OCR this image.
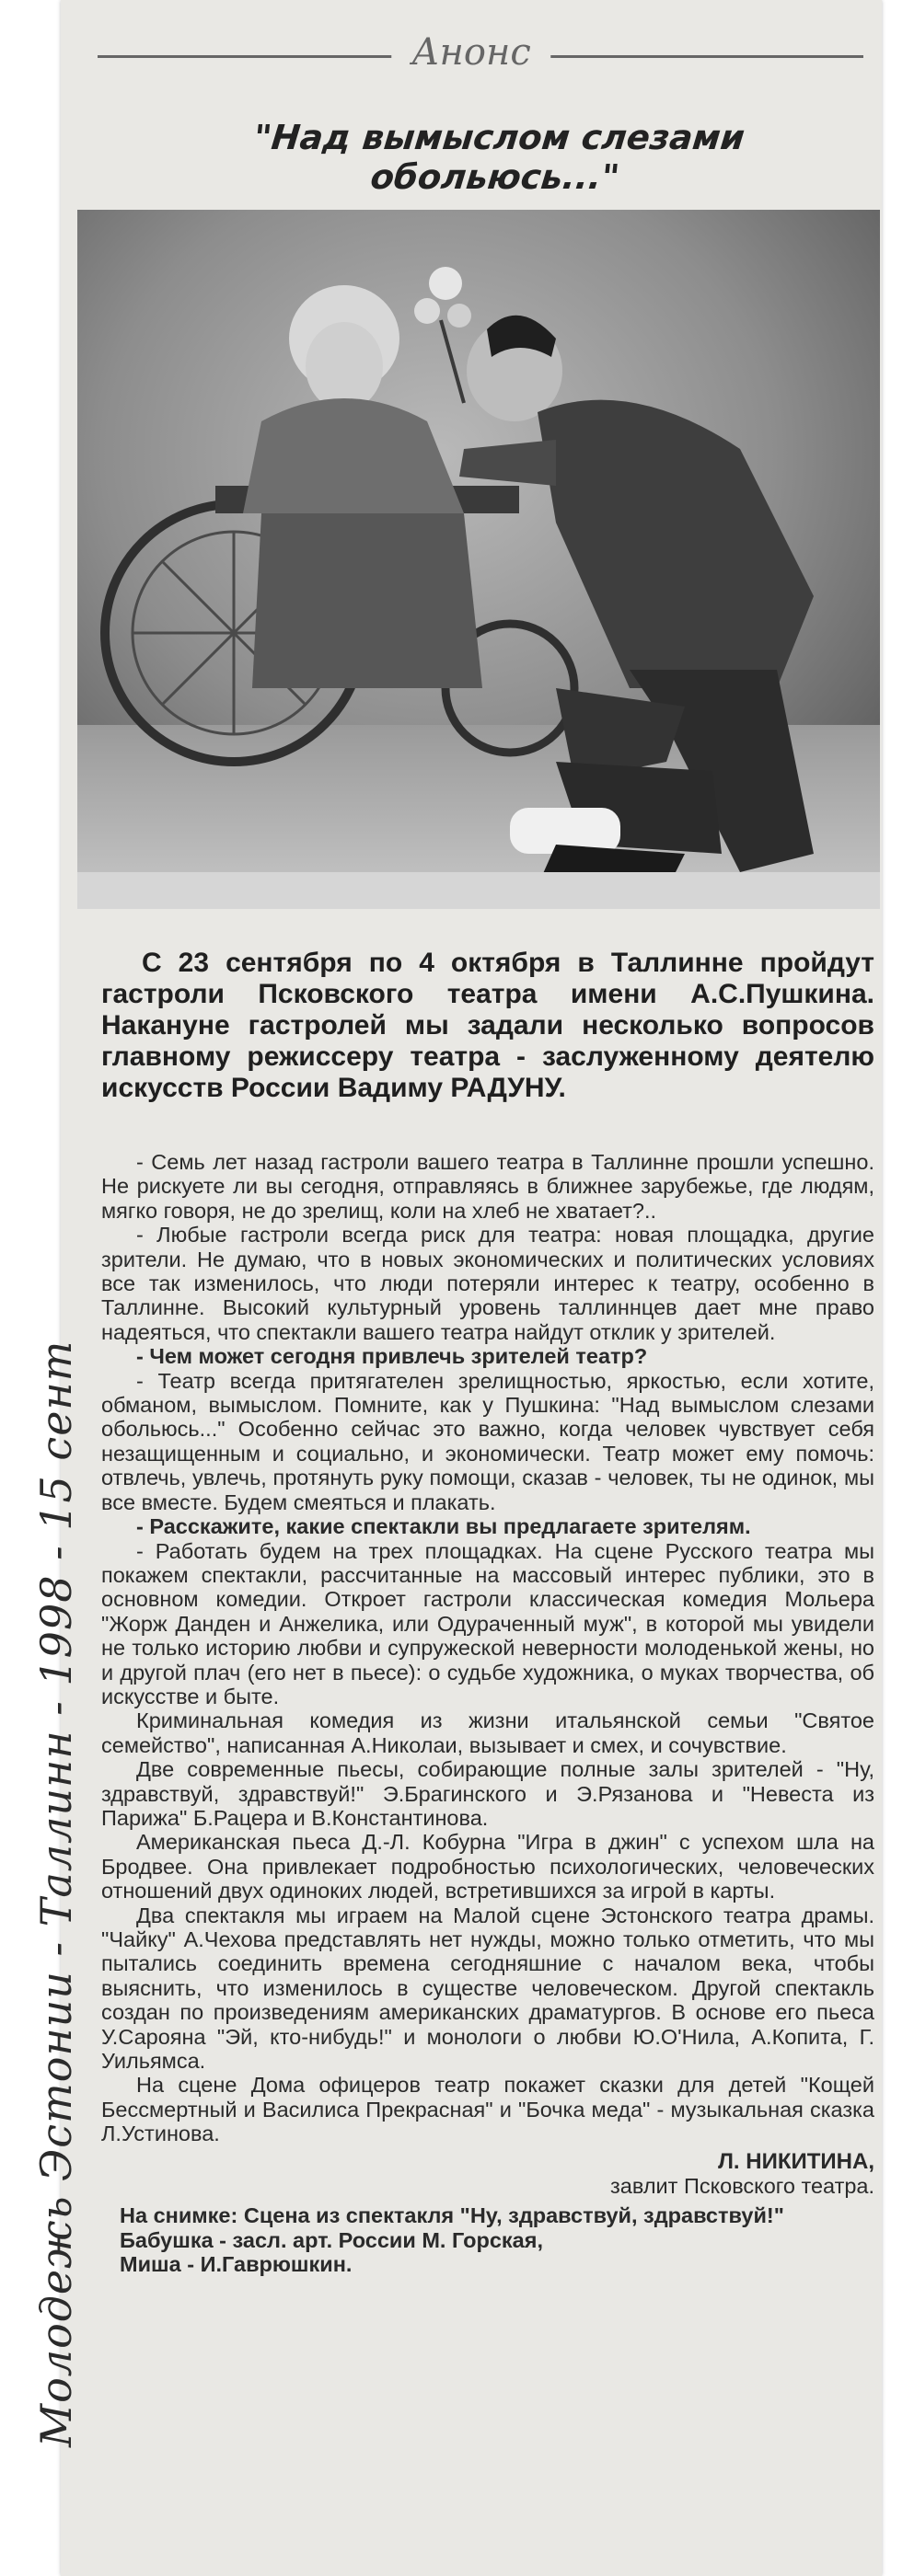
Молодежь Эстонии - Таллинн - 1998 - 15 сент
Анонс
"Над вымыслом слезами обольюсь..."
С 23 сентября по 4 октября в Таллинне пройдут гастроли Псковского театра имени А.С.Пушкина. Накануне гастролей мы задали несколько вопросов главному режиссеру театра - заслуженному деятелю искусств России Вадиму РАДУНУ.

- Семь лет назад гастроли вашего театра в Таллинне прошли успешно. Не рискуете ли вы сегодня, отправляясь в ближнее зарубежье, где людям, мягко говоря, не до зрелищ, коли на хлеб не хватает?..

- Любые гастроли всегда риск для театра: новая площадка, другие зрители. Не думаю, что в новых экономических и политических условиях все так изменилось, что люди потеряли интерес к театру, особенно в Таллинне. Высокий культурный уровень таллиннцев дает мне право надеяться, что спектакли вашего театра найдут отклик у зрителей.

- Чем может сегодня привлечь зрителей театр?

- Театр всегда притягателен зрелищностью, яркостью, если хотите, обманом, вымыслом. Помните, как у Пушкина: "Над вымыслом слезами обольюсь..." Особенно сейчас это важно, когда человек чувствует себя незащищенным и социально, и экономически. Театр может ему помочь: отвлечь, увлечь, протянуть руку помощи, сказав - человек, ты не одинок, мы все вместе. Будем смеяться и плакать.

- Расскажите, какие спектакли вы предлагаете зрителям.

- Работать будем на трех площадках. На сцене Русского театра мы покажем спектакли, рассчитанные на массовый интерес публики, это в основном комедии. Откроет гастроли классическая комедия Мольера "Жорж Данден и Анжелика, или Одураченный муж", в которой мы увидели не только историю любви и супружеской неверности молоденькой жены, но и другой плач (его нет в пьесе): о судьбе художника, о муках творчества, об искусстве и быте.

Криминальная комедия из жизни итальянской семьи "Святое семейство", написанная А.Николаи, вызывает и смех, и сочувствие.

Две современные пьесы, собирающие полные залы зрителей - "Ну, здравствуй, здравствуй!" Э.Брагинского и Э.Рязанова и "Невеста из Парижа" Б.Рацера и В.Константинова.

Американская пьеса Д.-Л. Кобурна "Игра в джин" с успехом шла на Бродвее. Она привлекает подробностью психологических, человеческих отношений двух одиноких людей, встретившихся за игрой в карты.

Два спектакля мы играем на Малой сцене Эстонского театра драмы. "Чайку" А.Чехова представлять нет нужды, можно только отметить, что мы пытались соединить времена сегодняшние с началом века, чтобы выяснить, что изменилось в существе человеческом. Другой спектакль создан по произведениям американских драматургов. В основе его пьеса У.Сарояна "Эй, кто-нибудь!" и монологи о любви Ю.О'Нила, А.Копита, Г. Уильямса.

На сцене Дома офицеров театр покажет сказки для детей "Кощей Бессмертный и Василиса Прекрасная" и "Бочка меда" - музыкальная сказка Л.Устинова.

Л. НИКИТИНА,

завлит Псковского театра.

На снимке: Сцена из спектакля "Ну, здравствуй, здравствуй!"

Бабушка - засл. арт. России М. Горская,

Миша - И.Гаврюшкин.
